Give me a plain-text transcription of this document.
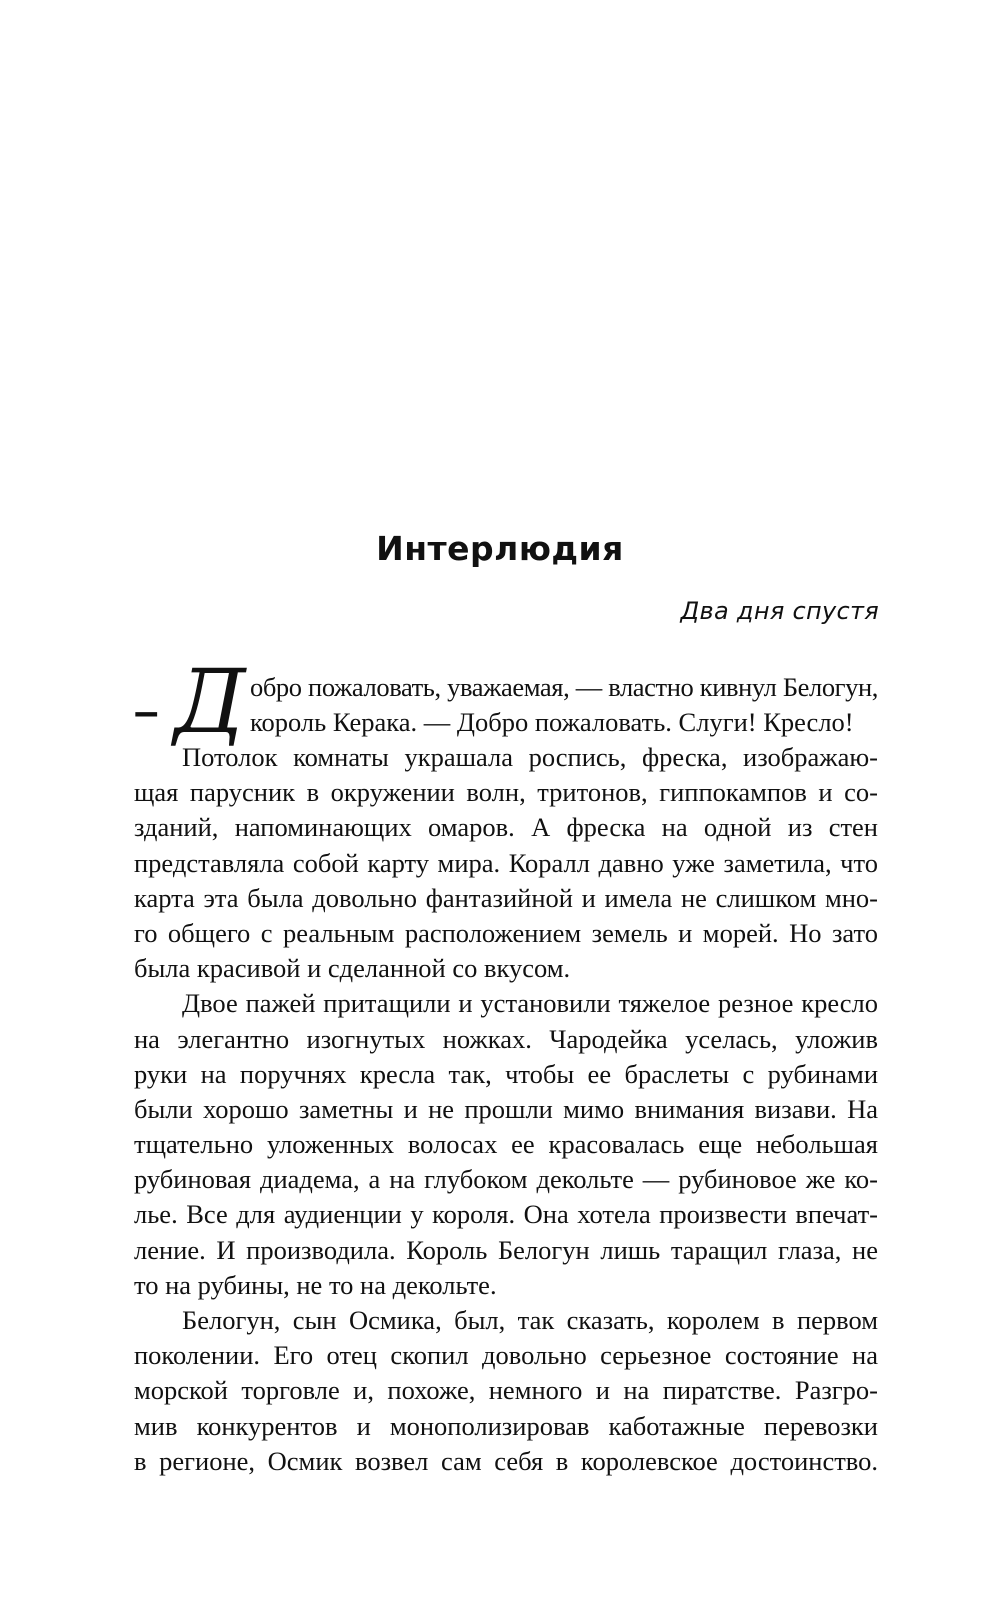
Интерлюдия

Два дня спустя

– Д обро пожаловать, уважаемая, — властно кивнул Белогун,
король Керака. — Добро пожаловать. Слуги! Кресло!
Потолок комнаты украшала роспись, фреска, изображаю-
щая парусник в окружении волн, тритонов, гиппокампов и со-
зданий, напоминающих омаров. А фреска на одной из стен
представляла собой карту мира. Коралл давно уже заметила, что
карта эта была довольно фантазийной и имела не слишком мно-
го общего с реальным расположением земель и морей. Но зато
была красивой и сделанной со вкусом.
Двое пажей притащили и установили тяжелое резное кресло
на элегантно изогнутых ножках. Чародейка уселась, уложив
руки на поручнях кресла так, чтобы ее браслеты с рубинами
были хорошо заметны и не прошли мимо внимания визави. На
тщательно уложенных волосах ее красовалась еще небольшая
рубиновая диадема, а на глубоком декольте — рубиновое же ко-
лье. Все для аудиенции у короля. Она хотела произвести впечат-
ление. И производила. Король Белогун лишь таращил глаза, не
то на рубины, не то на декольте.
Белогун, сын Осмика, был, так сказать, королем в первом
поколении. Его отец скопил довольно серьезное состояние на
морской торговле и, похоже, немного и на пиратстве. Разгро-
мив конкурентов и монополизировав каботажные перевозки
в регионе, Осмик возвел сам себя в королевское достоинство.
